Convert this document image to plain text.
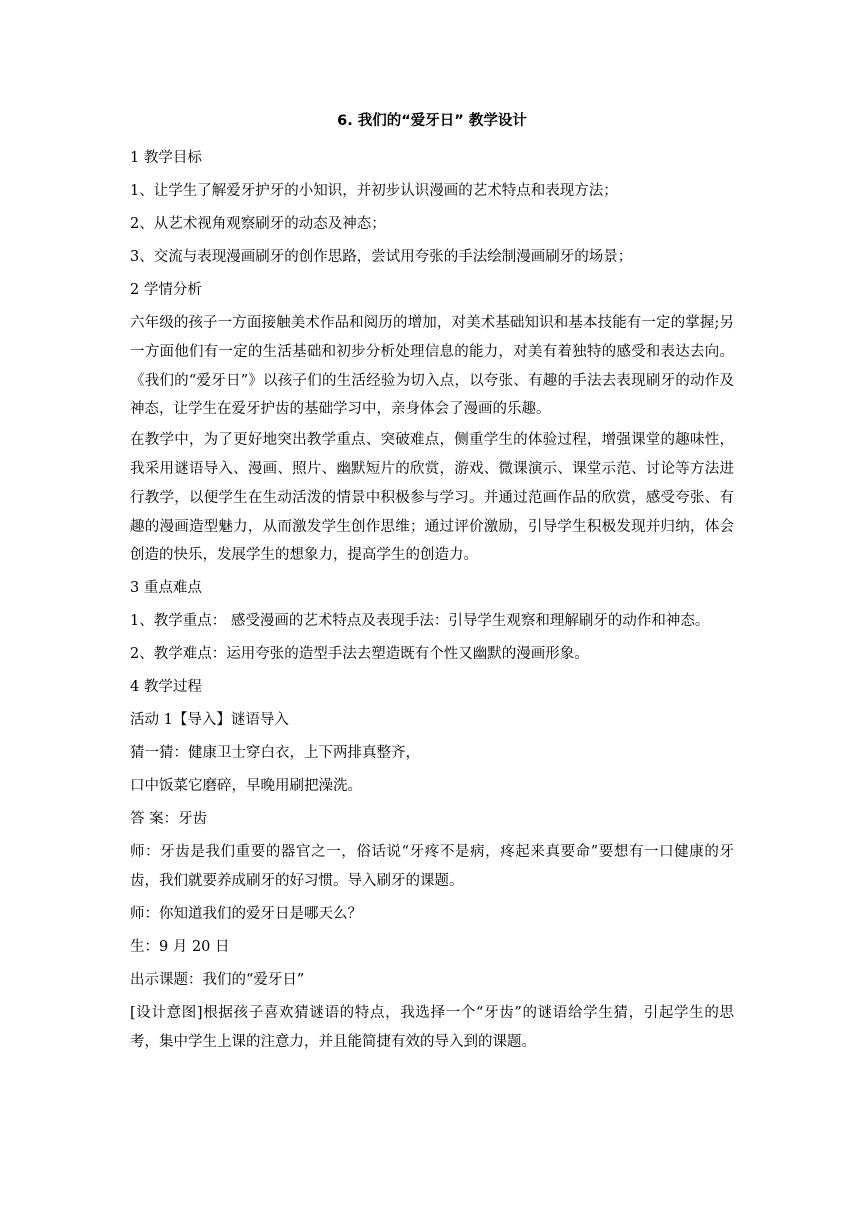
6. 我们的“爱牙日” 教学设计
1 教学目标
1、让学生了解爱牙护牙的小知识，并初步认识漫画的艺术特点和表现方法；
2、从艺术视角观察刷牙的动态及神态；
3、交流与表现漫画刷牙的创作思路，尝试用夸张的手法绘制漫画刷牙的场景；
2 学情分析
六年级的孩子一方面接触美术作品和阅历的增加，对美术基础知识和基本技能有一定的掌握;另一方面他们有一定的生活基础和初步分析处理信息的能力，对美有着独特的感受和表达去向。《我们的“爱牙日”》以孩子们的生活经验为切入点，以夸张、有趣的手法去表现刷牙的动作及神态，让学生在爱牙护齿的基础学习中，亲身体会了漫画的乐趣。
在教学中，为了更好地突出教学重点、突破难点，侧重学生的体验过程，增强课堂的趣味性，我采用谜语导入、漫画、照片、幽默短片的欣赏，游戏、微课演示、课堂示范、讨论等方法进行教学，以便学生在生动活泼的情景中积极参与学习。并通过范画作品的欣赏，感受夸张、有趣的漫画造型魅力，从而激发学生创作思维；通过评价激励，引导学生积极发现并归纳，体会创造的快乐，发展学生的想象力，提高学生的创造力。
3 重点难点
1、教学重点： 感受漫画的艺术特点及表现手法：引导学生观察和理解刷牙的动作和神态。
2、教学难点：运用夸张的造型手法去塑造既有个性又幽默的漫画形象。
4 教学过程
活动 1【导入】谜语导入
猜一猜：健康卫士穿白衣，上下两排真整齐，
口中饭菜它磨碎，早晚用刷把澡洗。
答 案：牙齿
师：牙齿是我们重要的器官之一，俗话说“牙疼不是病，疼起来真要命”要想有一口健康的牙齿，我们就要养成刷牙的好习惯。导入刷牙的课题。
师：你知道我们的爱牙日是哪天么？
生：9 月 20 日
出示课题：我们的“爱牙日”
[设计意图]根据孩子喜欢猜谜语的特点，我选择一个“牙齿”的谜语给学生猜，引起学生的思考，集中学生上课的注意力，并且能简捷有效的导入到的课题。
